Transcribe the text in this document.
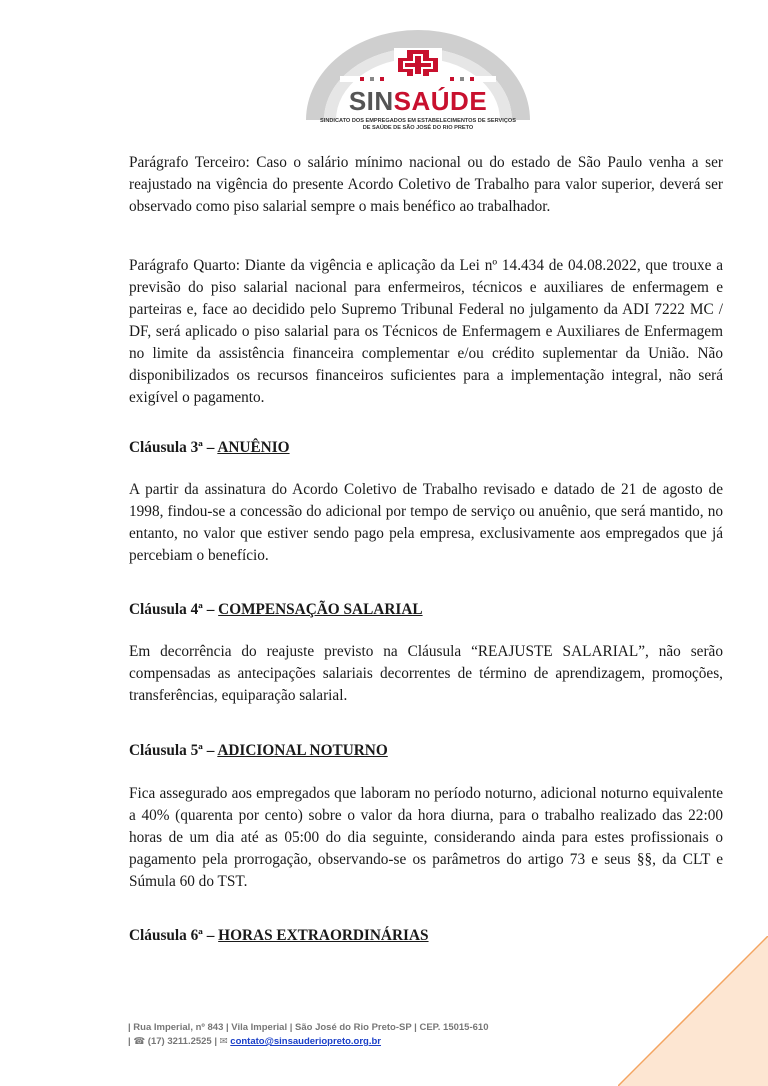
SINSAÚDE
SINDICATO DOS EMPREGADOS EM ESTABELECIMENTOS DE SERVIÇOS
DE SAÚDE DE SÃO JOSÉ DO RIO PRETO

Parágrafo Terceiro: Caso o salário mínimo nacional ou do estado de São Paulo venha a ser reajustado na vigência do presente Acordo Coletivo de Trabalho para valor superior, deverá ser observado como piso salarial sempre o mais benéfico ao trabalhador.

Parágrafo Quarto: Diante da vigência e aplicação da Lei nº 14.434 de 04.08.2022, que trouxe a previsão do piso salarial nacional para enfermeiros, técnicos e auxiliares de enfermagem e parteiras e, face ao decidido pelo Supremo Tribunal Federal no julgamento da ADI 7222 MC / DF, será aplicado o piso salarial para os Técnicos de Enfermagem e Auxiliares de Enfermagem no limite da assistência financeira complementar e/ou crédito suplementar da União. Não disponibilizados os recursos financeiros suficientes para a implementação integral, não será exigível o pagamento.

Cláusula 3ª – ANUÊNIO

A partir da assinatura do Acordo Coletivo de Trabalho revisado e datado de 21 de agosto de 1998, findou-se a concessão do adicional por tempo de serviço ou anuênio, que será mantido, no entanto, no valor que estiver sendo pago pela empresa, exclusivamente aos empregados que já percebiam o benefício.

Cláusula 4ª – COMPENSAÇÃO SALARIAL

Em decorrência do reajuste previsto na Cláusula “REAJUSTE SALARIAL”, não serão compensadas as antecipações salariais decorrentes de término de aprendizagem, promoções, transferências, equiparação salarial.

Cláusula 5ª – ADICIONAL NOTURNO

Fica assegurado aos empregados que laboram no período noturno, adicional noturno equivalente a 40% (quarenta por cento) sobre o valor da hora diurna, para o trabalho realizado das 22:00 horas de um dia até as 05:00 do dia seguinte, considerando ainda para estes profissionais o pagamento pela prorrogação, observando-se os parâmetros do artigo 73 e seus §§, da CLT e Súmula 60 do TST.

Cláusula 6ª – HORAS EXTRAORDINÁRIAS
| Rua Imperial, nº 843 | Vila Imperial | São José do Rio Preto-SP | CEP. 15015-610
| ☎ (17) 3211.2525 | ✉ contato@sinsauderiopreto.org.br
